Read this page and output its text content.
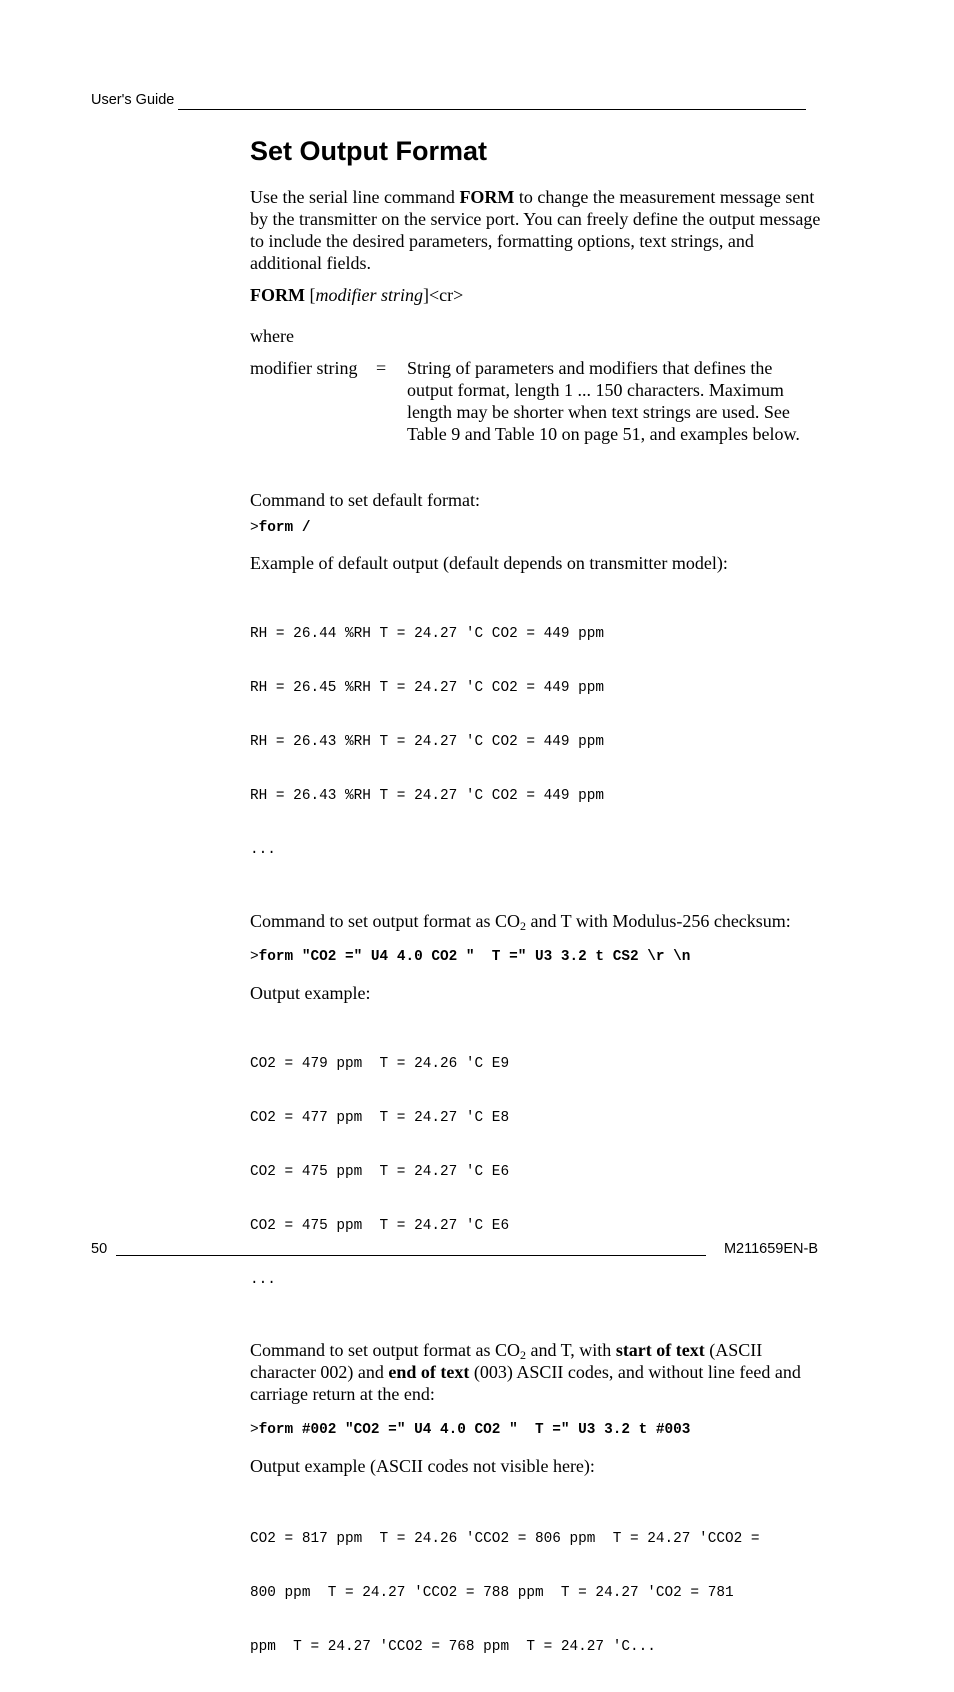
User's Guide
Set Output Format

Use the serial line command FORM to change the measurement message sent by the transmitter on the service port. You can freely define the output message to include the desired parameters, formatting options, text strings, and additional fields.

FORM [modifier string]<cr>

where

modifier string = String of parameters and modifiers that defines the output format, length 1 ... 150 characters. Maximum length may be shorter when text strings are used. See Table 9 and Table 10 on page 51, and examples below.

Command to set default format:

>form /

Example of default output (default depends on transmitter model):

RH = 26.44 %RH T = 24.27 'C CO2 = 449 ppm

RH = 26.45 %RH T = 24.27 'C CO2 = 449 ppm

RH = 26.43 %RH T = 24.27 'C CO2 = 449 ppm

RH = 26.43 %RH T = 24.27 'C CO2 = 449 ppm

...

Command to set output format as $CO_2$ and T with Modulus-256 checksum:

>form "CO2 =" U4 4.0 CO2 "  T =" U3 3.2 t CS2 \r \n

Output example:

CO2 = 479 ppm  T = 24.26 'C E9

CO2 = 477 ppm  T = 24.27 'C E8

CO2 = 475 ppm  T = 24.27 'C E6

CO2 = 475 ppm  T = 24.27 'C E6

...

Command to set output format as $CO_2$ and T, with start of text (ASCII character 002) and end of text (003) ASCII codes, and without line feed and carriage return at the end:

>form #002 "CO2 =" U4 4.0 CO2 "  T =" U3 3.2 t #003

Output example (ASCII codes not visible here):

CO2 = 817 ppm  T = 24.26 'CCO2 = 806 ppm  T = 24.27 'CCO2 =

800 ppm  T = 24.27 'CCO2 = 788 ppm  T = 24.27 'CO2 = 781

ppm  T = 24.27 'CCO2 = 768 ppm  T = 24.27 'C...

50	M211659EN-B
